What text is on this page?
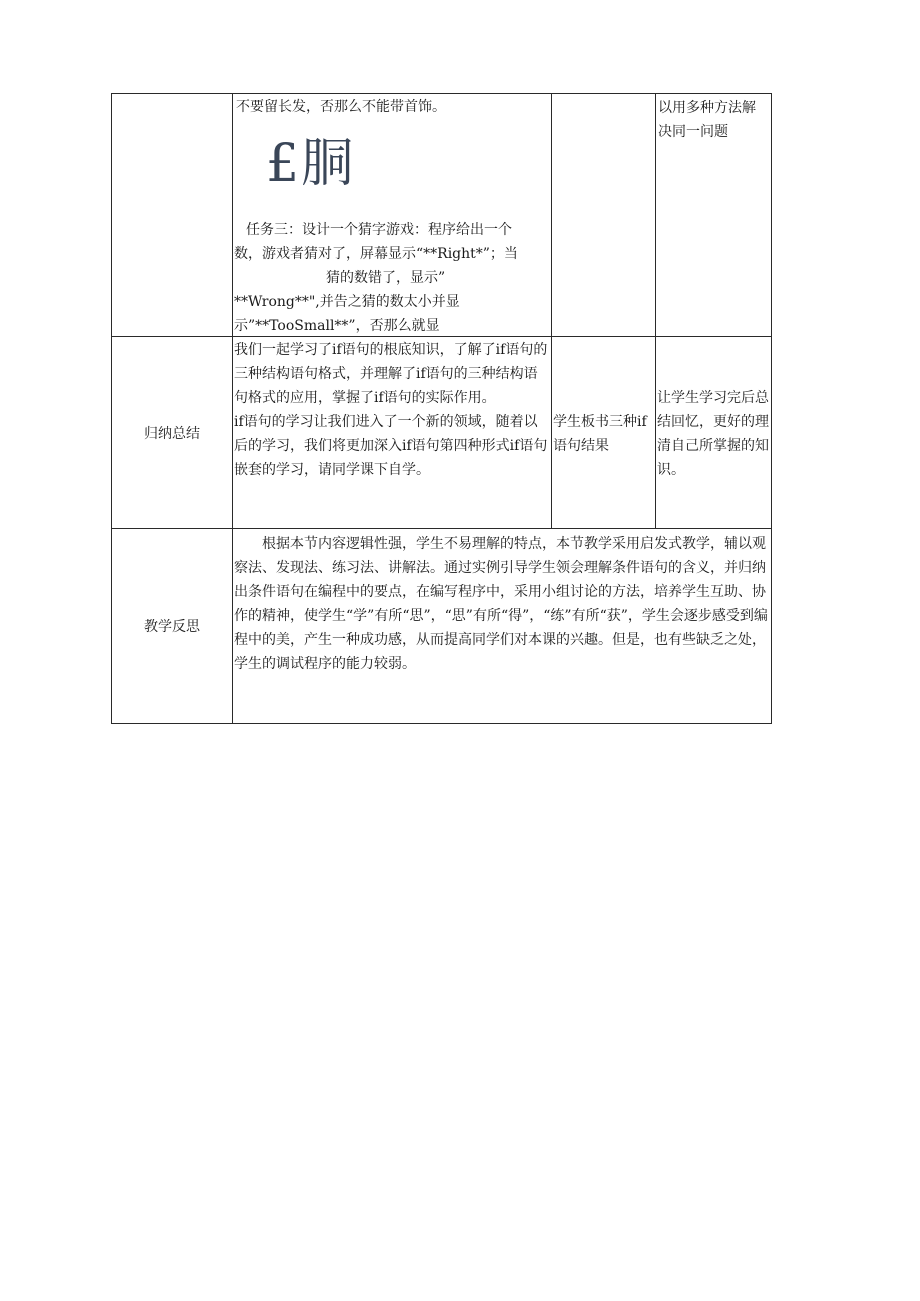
不要留长发，否那么不能带首饰。
£胴
任务三：设计一个猜字游戏：程序给出一个
数，游戏者猜对了，屏幕显示“**Right*”；当
猜的数错了，显示”
**Wrong**",并告之猜的数太小并显
示”**TooSmall**”，否那么就显
以用多种方法解决同一问题
归纳总结
我们一起学习了if语句的根底知识，了解了if语句的三种结构语句格式，并理解了if语句的三种结构语句格式的应用，掌握了if语句的实际作用。
if语句的学习让我们进入了一个新的领域，随着以后的学习，我们将更加深入if语句第四种形式if语句嵌套的学习，请同学课下自学。
学生板书三种if语句结果
让学生学习完后总结回忆，更好的理清自己所掌握的知识。
教学反思
根据本节内容逻辑性强，学生不易理解的特点，本节教学采用启发式教学，辅以观察法、发现法、练习法、讲解法。通过实例引导学生领会理解条件语句的含义，并归纳出条件语句在编程中的要点，在编写程序中，采用小组讨论的方法，培养学生互助、协作的精神，使学生“学”有所“思”，“思”有所“得”，“练”有所“获”，学生会逐步感受到编程中的美，产生一种成功感，从而提高同学们对本课的兴趣。但是，也有些缺乏之处，学生的调试程序的能力较弱。
